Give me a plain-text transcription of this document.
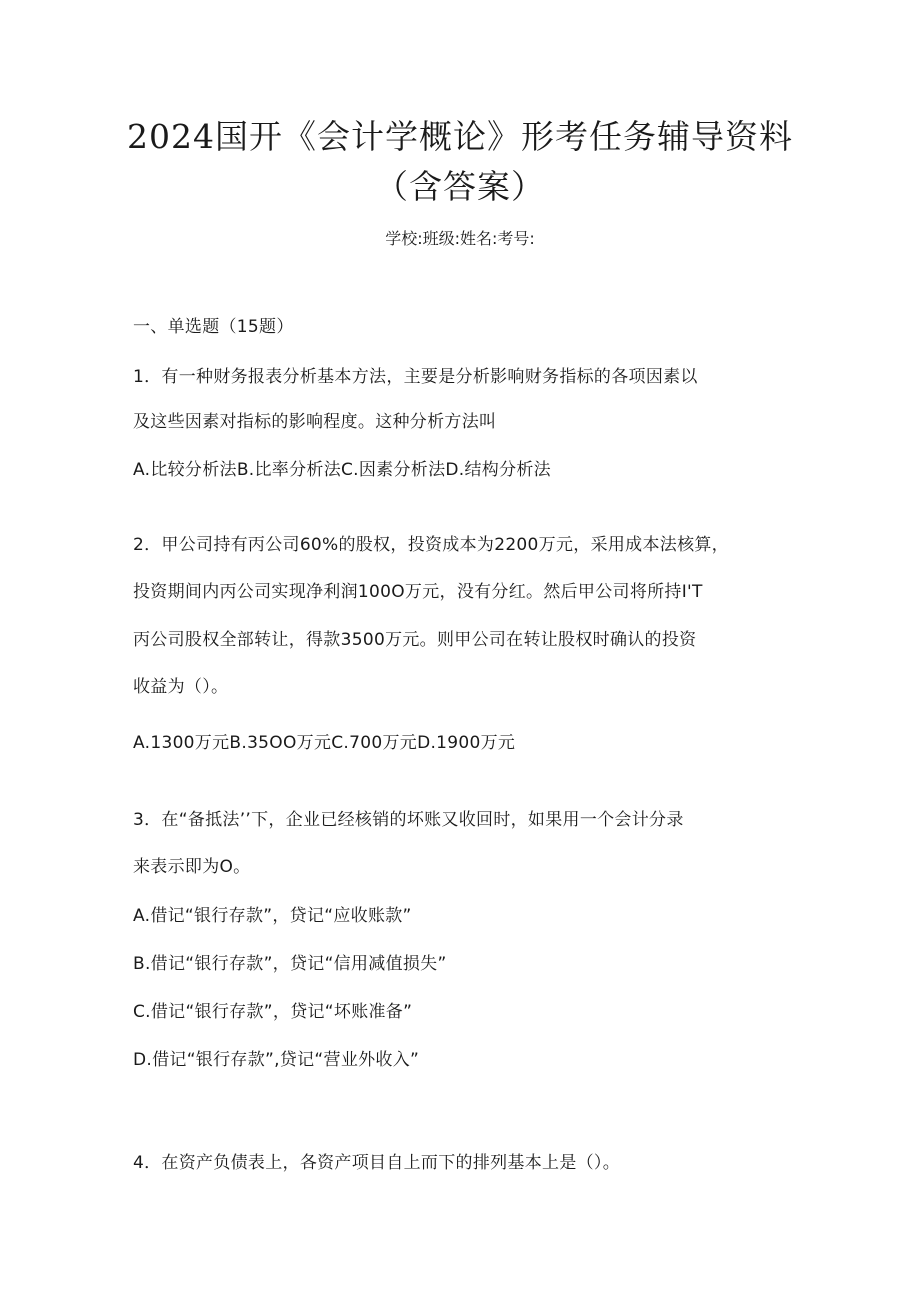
2024国开《会计学概论》形考任务辅导资料
（含答案）
学校:班级:姓名:考号:
一、单选题（15题）
1．有一种财务报表分析基本方法，主要是分析影响财务指标的各项因素以
及这些因素对指标的影响程度。这种分析方法叫
A.比较分析法B.比率分析法C.因素分析法D.结构分析法
2．甲公司持有丙公司60%的股权，投资成本为2200万元，采用成本法核算，
投资期间内丙公司实现净利润100O万元，没有分红。然后甲公司将所持I'T
丙公司股权全部转让，得款3500万元。则甲公司在转让股权时确认的投资
收益为（）。
A.1300万元B.35OO万元C.700万元D.1900万元
3．在“备抵法’’下，企业已经核销的坏账又收回时，如果用一个会计分录
来表示即为O。
A.借记“银行存款”，贷记“应收账款”
B.借记“银行存款”，贷记“信用减值损失”
C.借记“银行存款”，贷记“坏账准备”
D.借记“银行存款”,贷记“营业外收入”
4．在资产负债表上，各资产项目自上而下的排列基本上是（）。
